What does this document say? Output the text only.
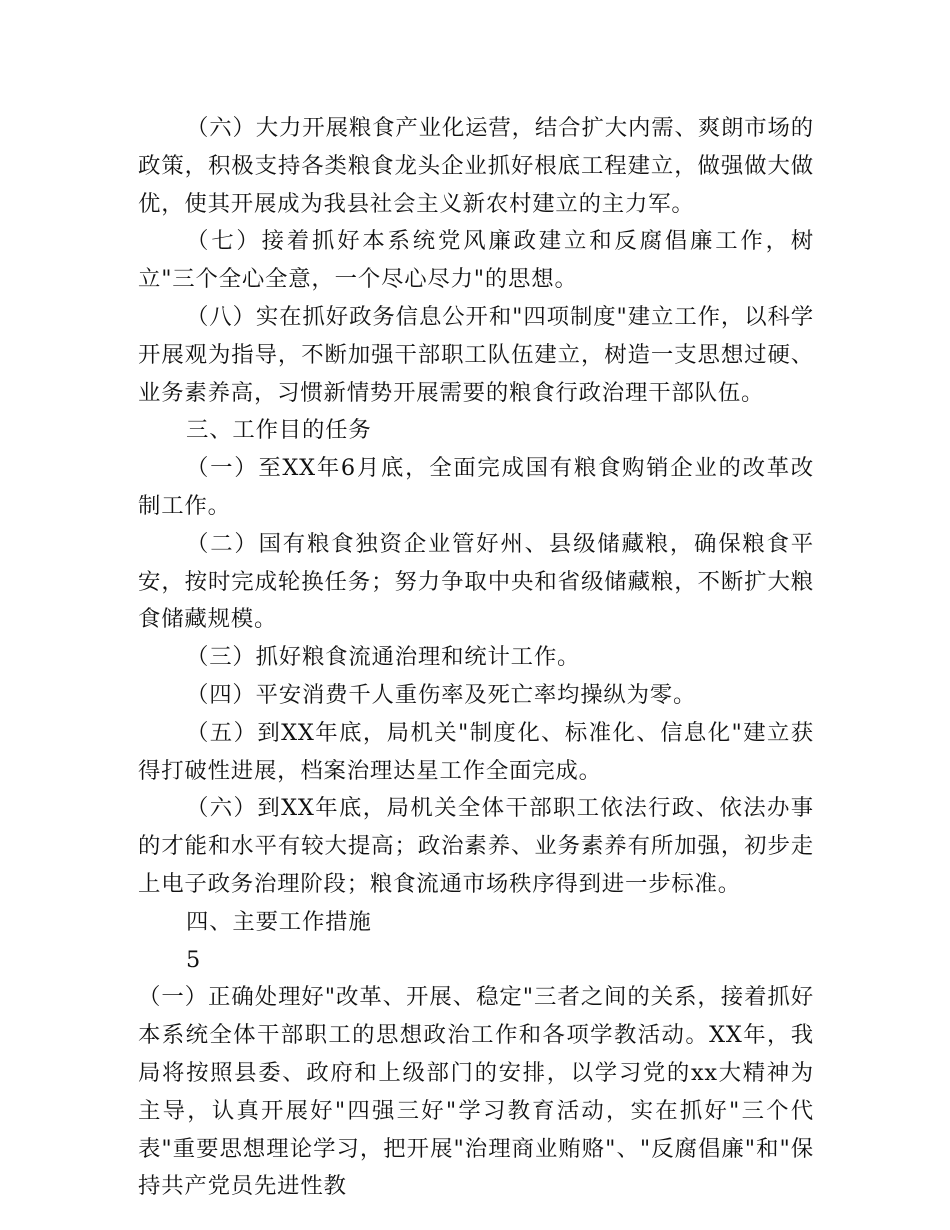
（六）大力开展粮食产业化运营，结合扩大内需、爽朗市场的政策，积极支持各类粮食龙头企业抓好根底工程建立，做强做大做优，使其开展成为我县社会主义新农村建立的主力军。

（七）接着抓好本系统党风廉政建立和反腐倡廉工作，树立"三个全心全意，一个尽心尽力"的思想。

（八）实在抓好政务信息公开和"四项制度"建立工作，以科学开展观为指导，不断加强干部职工队伍建立，树造一支思想过硬、业务素养高，习惯新情势开展需要的粮食行政治理干部队伍。

三、工作目的任务

（一）至XX年6月底，全面完成国有粮食购销企业的改革改制工作。

（二）国有粮食独资企业管好州、县级储藏粮，确保粮食平安，按时完成轮换任务；努力争取中央和省级储藏粮，不断扩大粮食储藏规模。

（三）抓好粮食流通治理和统计工作。

（四）平安消费千人重伤率及死亡率均操纵为零。

（五）到XX年底，局机关"制度化、标准化、信息化"建立获得打破性进展，档案治理达星工作全面完成。

（六）到XX年底，局机关全体干部职工依法行政、依法办事的才能和水平有较大提高；政治素养、业务素养有所加强，初步走上电子政务治理阶段；粮食流通市场秩序得到进一步标准。

四、主要工作措施

5

（一）正确处理好"改革、开展、稳定"三者之间的关系，接着抓好本系统全体干部职工的思想政治工作和各项学教活动。XX年，我局将按照县委、政府和上级部门的安排，以学习党的xx大精神为主导，认真开展好"四强三好"学习教育活动，实在抓好"三个代表"重要思想理论学习，把开展"治理商业贿赂"、"反腐倡廉"和"保持共产党员先进性教
